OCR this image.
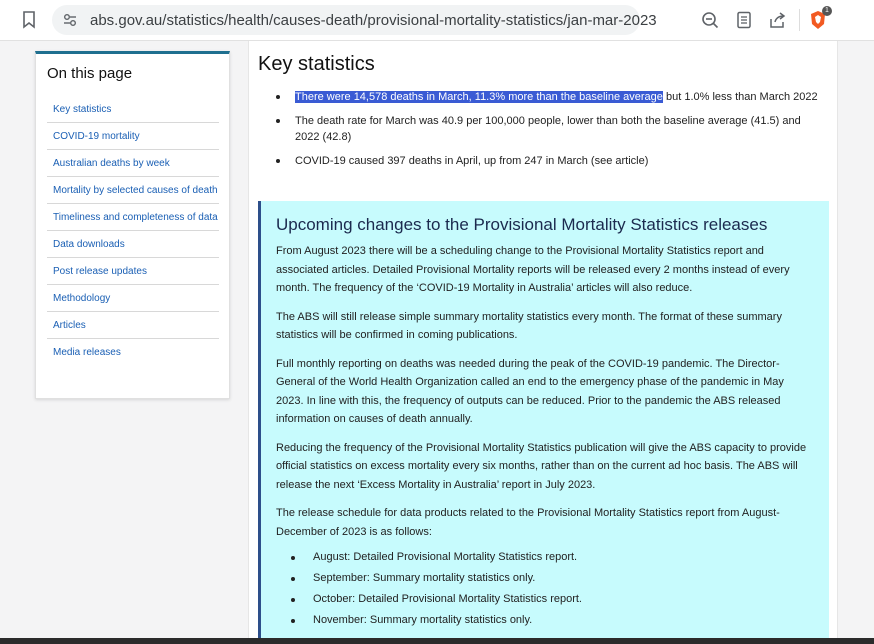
abs.gov.au/statistics/health/causes-death/provisional-mortality-statistics/jan-mar-2023
1
On this page
Key statistics
COVID-19 mortality
Australian deaths by week
Mortality by selected causes of death
Timeliness and completeness of data
Data downloads
Post release updates
Methodology
Articles
Media releases
Key statistics
There were 14,578 deaths in March, 11.3% more than the baseline average but 1.0% less than March 2022
The death rate for March was 40.9 per 100,000 people, lower than both the baseline average (41.5) and 2022 (42.8)
COVID-19 caused 397 deaths in April, up from 247 in March (see article)
Upcoming changes to the Provisional Mortality Statistics releases

From August 2023 there will be a scheduling change to the Provisional Mortality Statistics report and associated articles. Detailed Provisional Mortality reports will be released every 2 months instead of every month. The frequency of the ‘COVID-19 Mortality in Australia’ articles will also reduce.

The ABS will still release simple summary mortality statistics every month. The format of these summary statistics will be confirmed in coming publications.

Full monthly reporting on deaths was needed during the peak of the COVID-19 pandemic. The Director-General of the World Health Organization called an end to the emergency phase of the pandemic in May 2023. In line with this, the frequency of outputs can be reduced. Prior to the pandemic the ABS released information on causes of death annually.

Reducing the frequency of the Provisional Mortality Statistics publication will give the ABS capacity to provide official statistics on excess mortality every six months, rather than on the current ad hoc basis. The ABS will release the next ‘Excess Mortality in Australia’ report in July 2023.

The release schedule for data products related to the Provisional Mortality Statistics report from August-December of 2023 is as follows:

August: Detailed Provisional Mortality Statistics report.
September: Summary mortality statistics only.
October: Detailed Provisional Mortality Statistics report.
November: Summary mortality statistics only.
